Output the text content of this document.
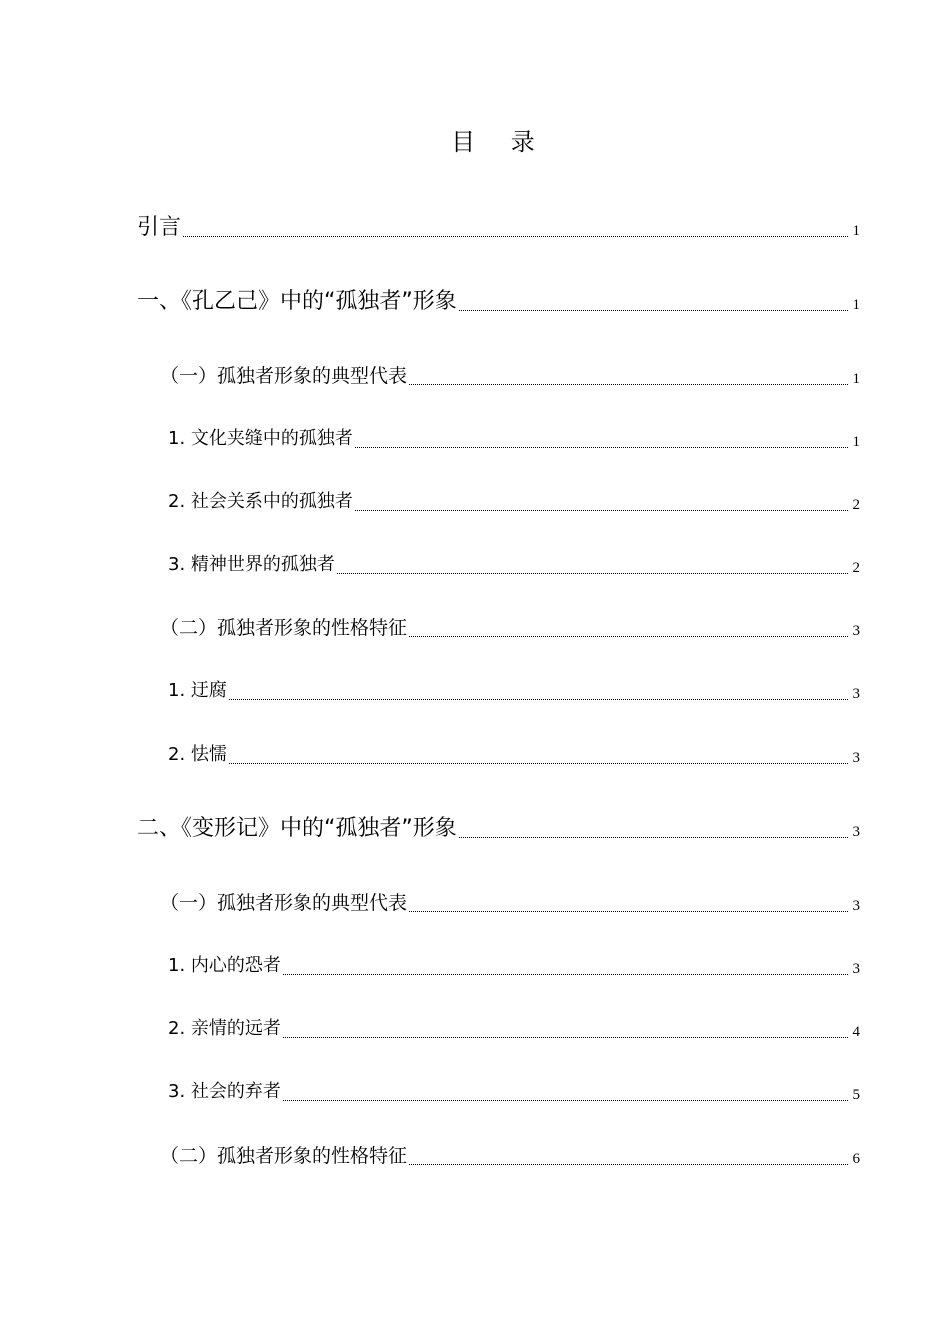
目 录
引言	1
一、《孔乙己》中的“孤独者”形象	1
（一）孤独者形象的典型代表	1
1. 文化夹缝中的孤独者	1
2. 社会关系中的孤独者	2
3. 精神世界的孤独者	2
（二）孤独者形象的性格特征	3
1. 迂腐	3
2. 怯懦	3
二、《变形记》中的“孤独者”形象	3
（一）孤独者形象的典型代表	3
1. 内心的恐者	3
2. 亲情的远者	4
3. 社会的弃者	5
（二）孤独者形象的性格特征	6
